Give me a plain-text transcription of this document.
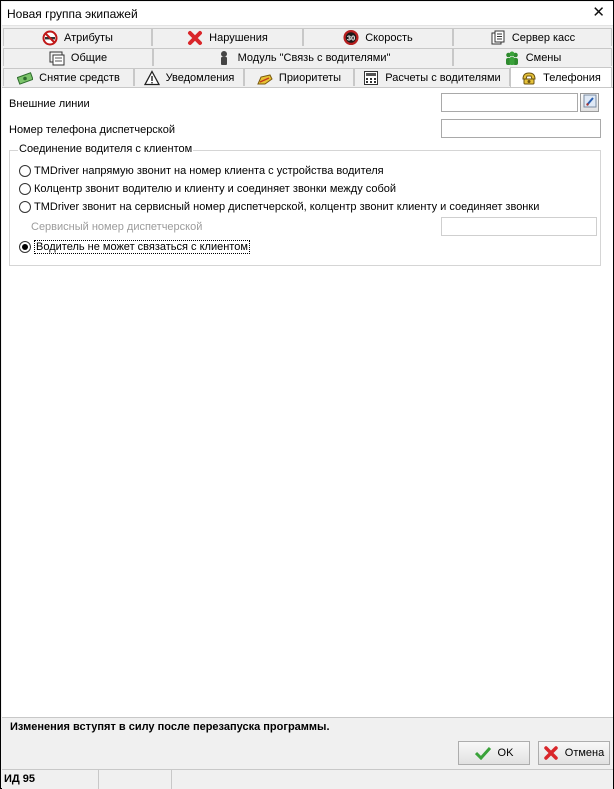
Новая группа экипажей	✕
Атрибуты	Нарушения	30 Скорость	Сервер касс
Общие	Модуль "Связь с водителями"	Смены
Снятие средств	Уведомления	Приоритеты	Расчеты с водителями	Телефония
Внешние линии
Номер телефона диспетчерской
Соединение водителя с клиентом
TMDriver напрямую звонит на номер клиента с устройства водителя
Колцентр звонит водителю и клиенту и соединяет звонки между собой
TMDriver звонит на сервисный номер диспетчерской, колцентр звонит клиенту и соединяет звонки
Сервисный номер диспетчерской
Водитель не может связаться с клиентом
Изменения вступят в силу после перезапуска программы.
OK	Отмена
ИД 95
